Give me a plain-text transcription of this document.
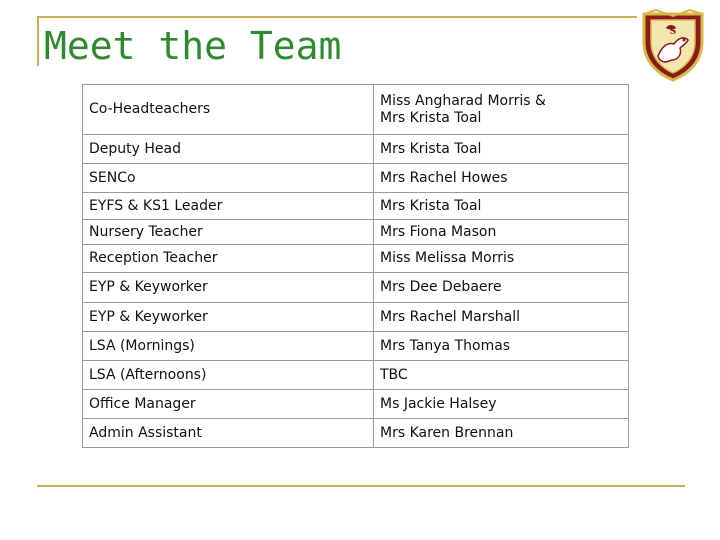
Meet the Team	S
Co-Headteachers	Miss Angharad Morris &
Mrs Krista Toal
Deputy Head	Mrs Krista Toal
SENCo	Mrs Rachel Howes
EYFS & KS1 Leader	Mrs Krista Toal
Nursery Teacher	Mrs Fiona Mason
Reception Teacher	Miss Melissa Morris
EYP & Keyworker	Mrs Dee Debaere
EYP & Keyworker	Mrs Rachel Marshall
LSA (Mornings)	Mrs Tanya Thomas
LSA (Afternoons)	TBC
Office Manager	Ms Jackie Halsey
Admin Assistant	Mrs Karen Brennan
